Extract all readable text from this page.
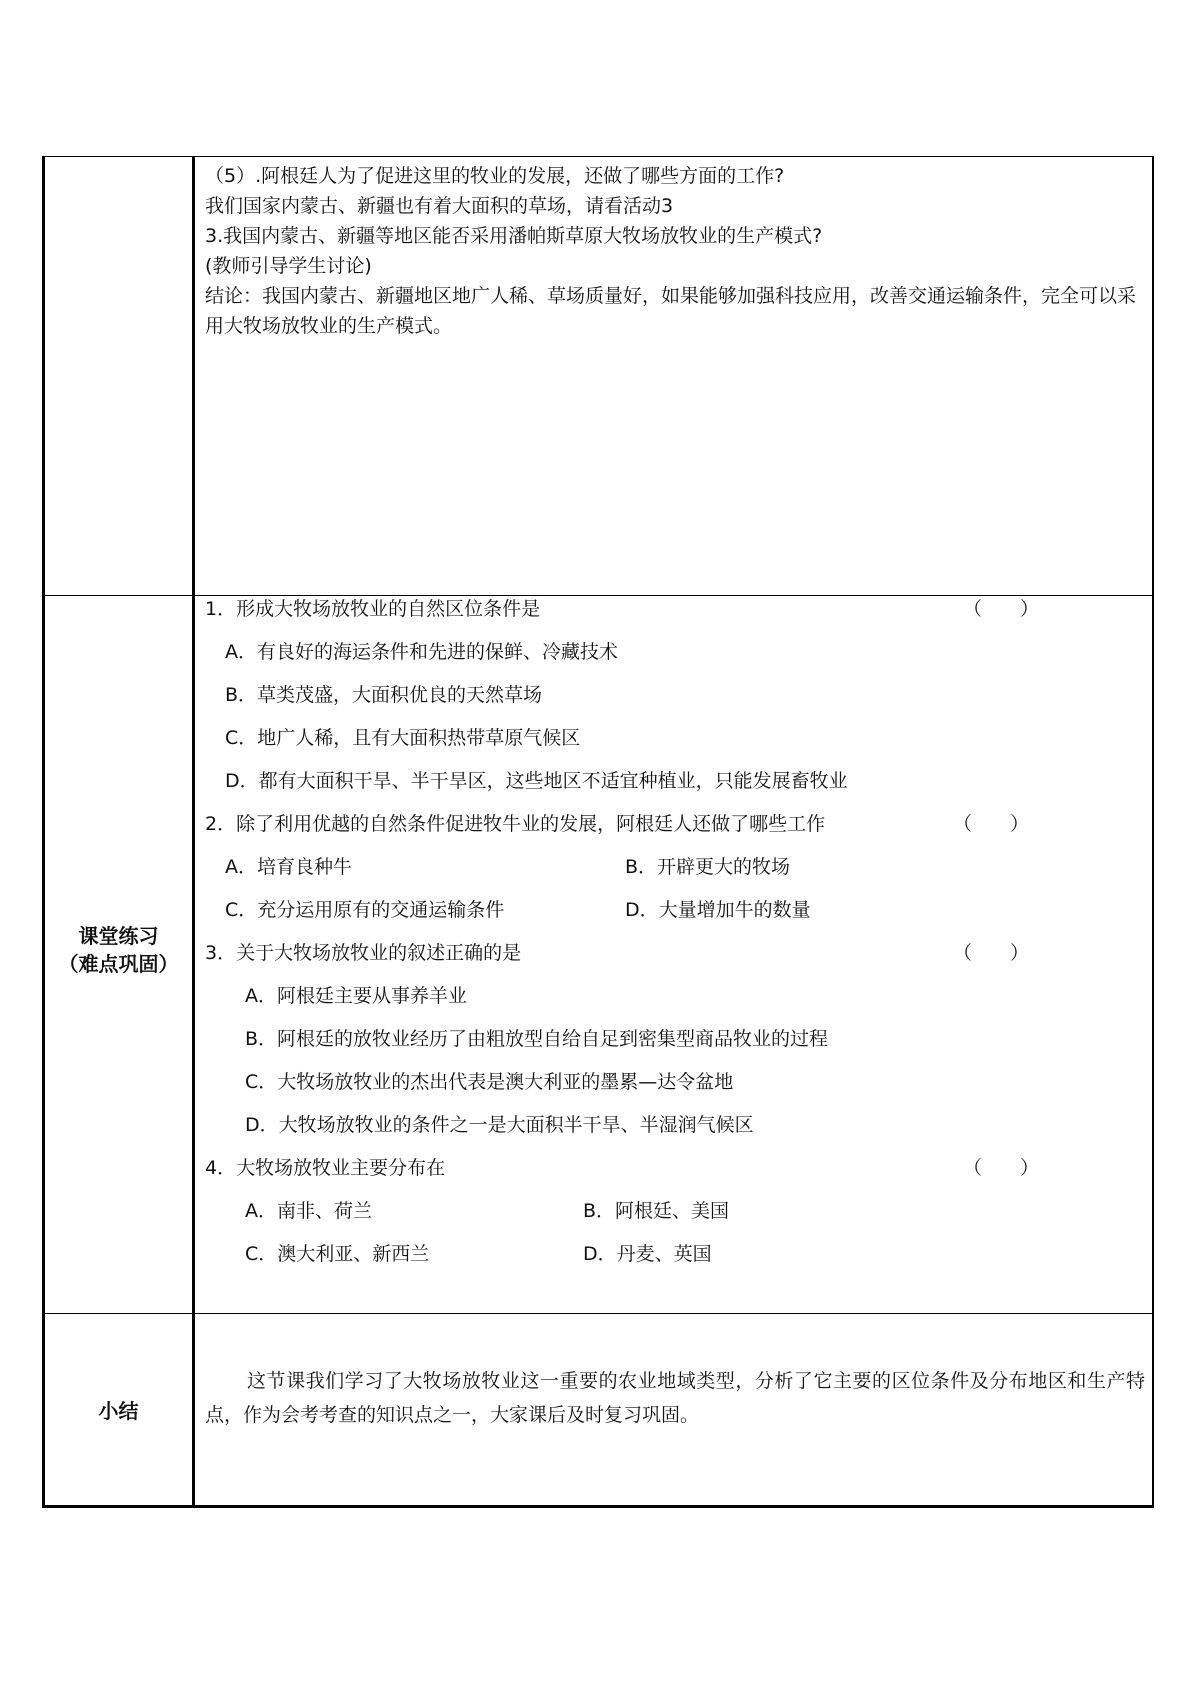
（5）.阿根廷人为了促进这里的牧业的发展，还做了哪些方面的工作?
我们国家内蒙古、新疆也有着大面积的草场，请看活动3
3.我国内蒙古、新疆等地区能否采用潘帕斯草原大牧场放牧业的生产模式?
(教师引导学生讨论)
结论：我国内蒙古、新疆地区地广人稀、草场质量好，如果能够加强科技应用，改善交通运输条件，完全可以采用大牧场放牧业的生产模式。
课堂练习
（难点巩固）
1．形成大牧场放牧业的自然区位条件是	（　　）
A．有良好的海运条件和先进的保鲜、冷藏技术
B．草类茂盛，大面积优良的天然草场
C．地广人稀，且有大面积热带草原气候区
D．都有大面积干旱、半干旱区，这些地区不适宜种植业，只能发展畜牧业
2．除了利用优越的自然条件促进牧牛业的发展，阿根廷人还做了哪些工作	（　　）
A．培育良种牛	B．开辟更大的牧场
C．充分运用原有的交通运输条件	D．大量增加牛的数量
3．关于大牧场放牧业的叙述正确的是	（　　）
A．阿根廷主要从事养羊业
B．阿根廷的放牧业经历了由粗放型自给自足到密集型商品牧业的过程
C．大牧场放牧业的杰出代表是澳大利亚的墨累—达令盆地
D．大牧场放牧业的条件之一是大面积半干旱、半湿润气候区
4．大牧场放牧业主要分布在	（　　）
A．南非、荷兰	B．阿根廷、美国
C．澳大利亚、新西兰	D．丹麦、英国
小结
这节课我们学习了大牧场放牧业这一重要的农业地域类型，分析了它主要的区位条件及分布地区和生产特点，作为会考考查的知识点之一，大家课后及时复习巩固。
